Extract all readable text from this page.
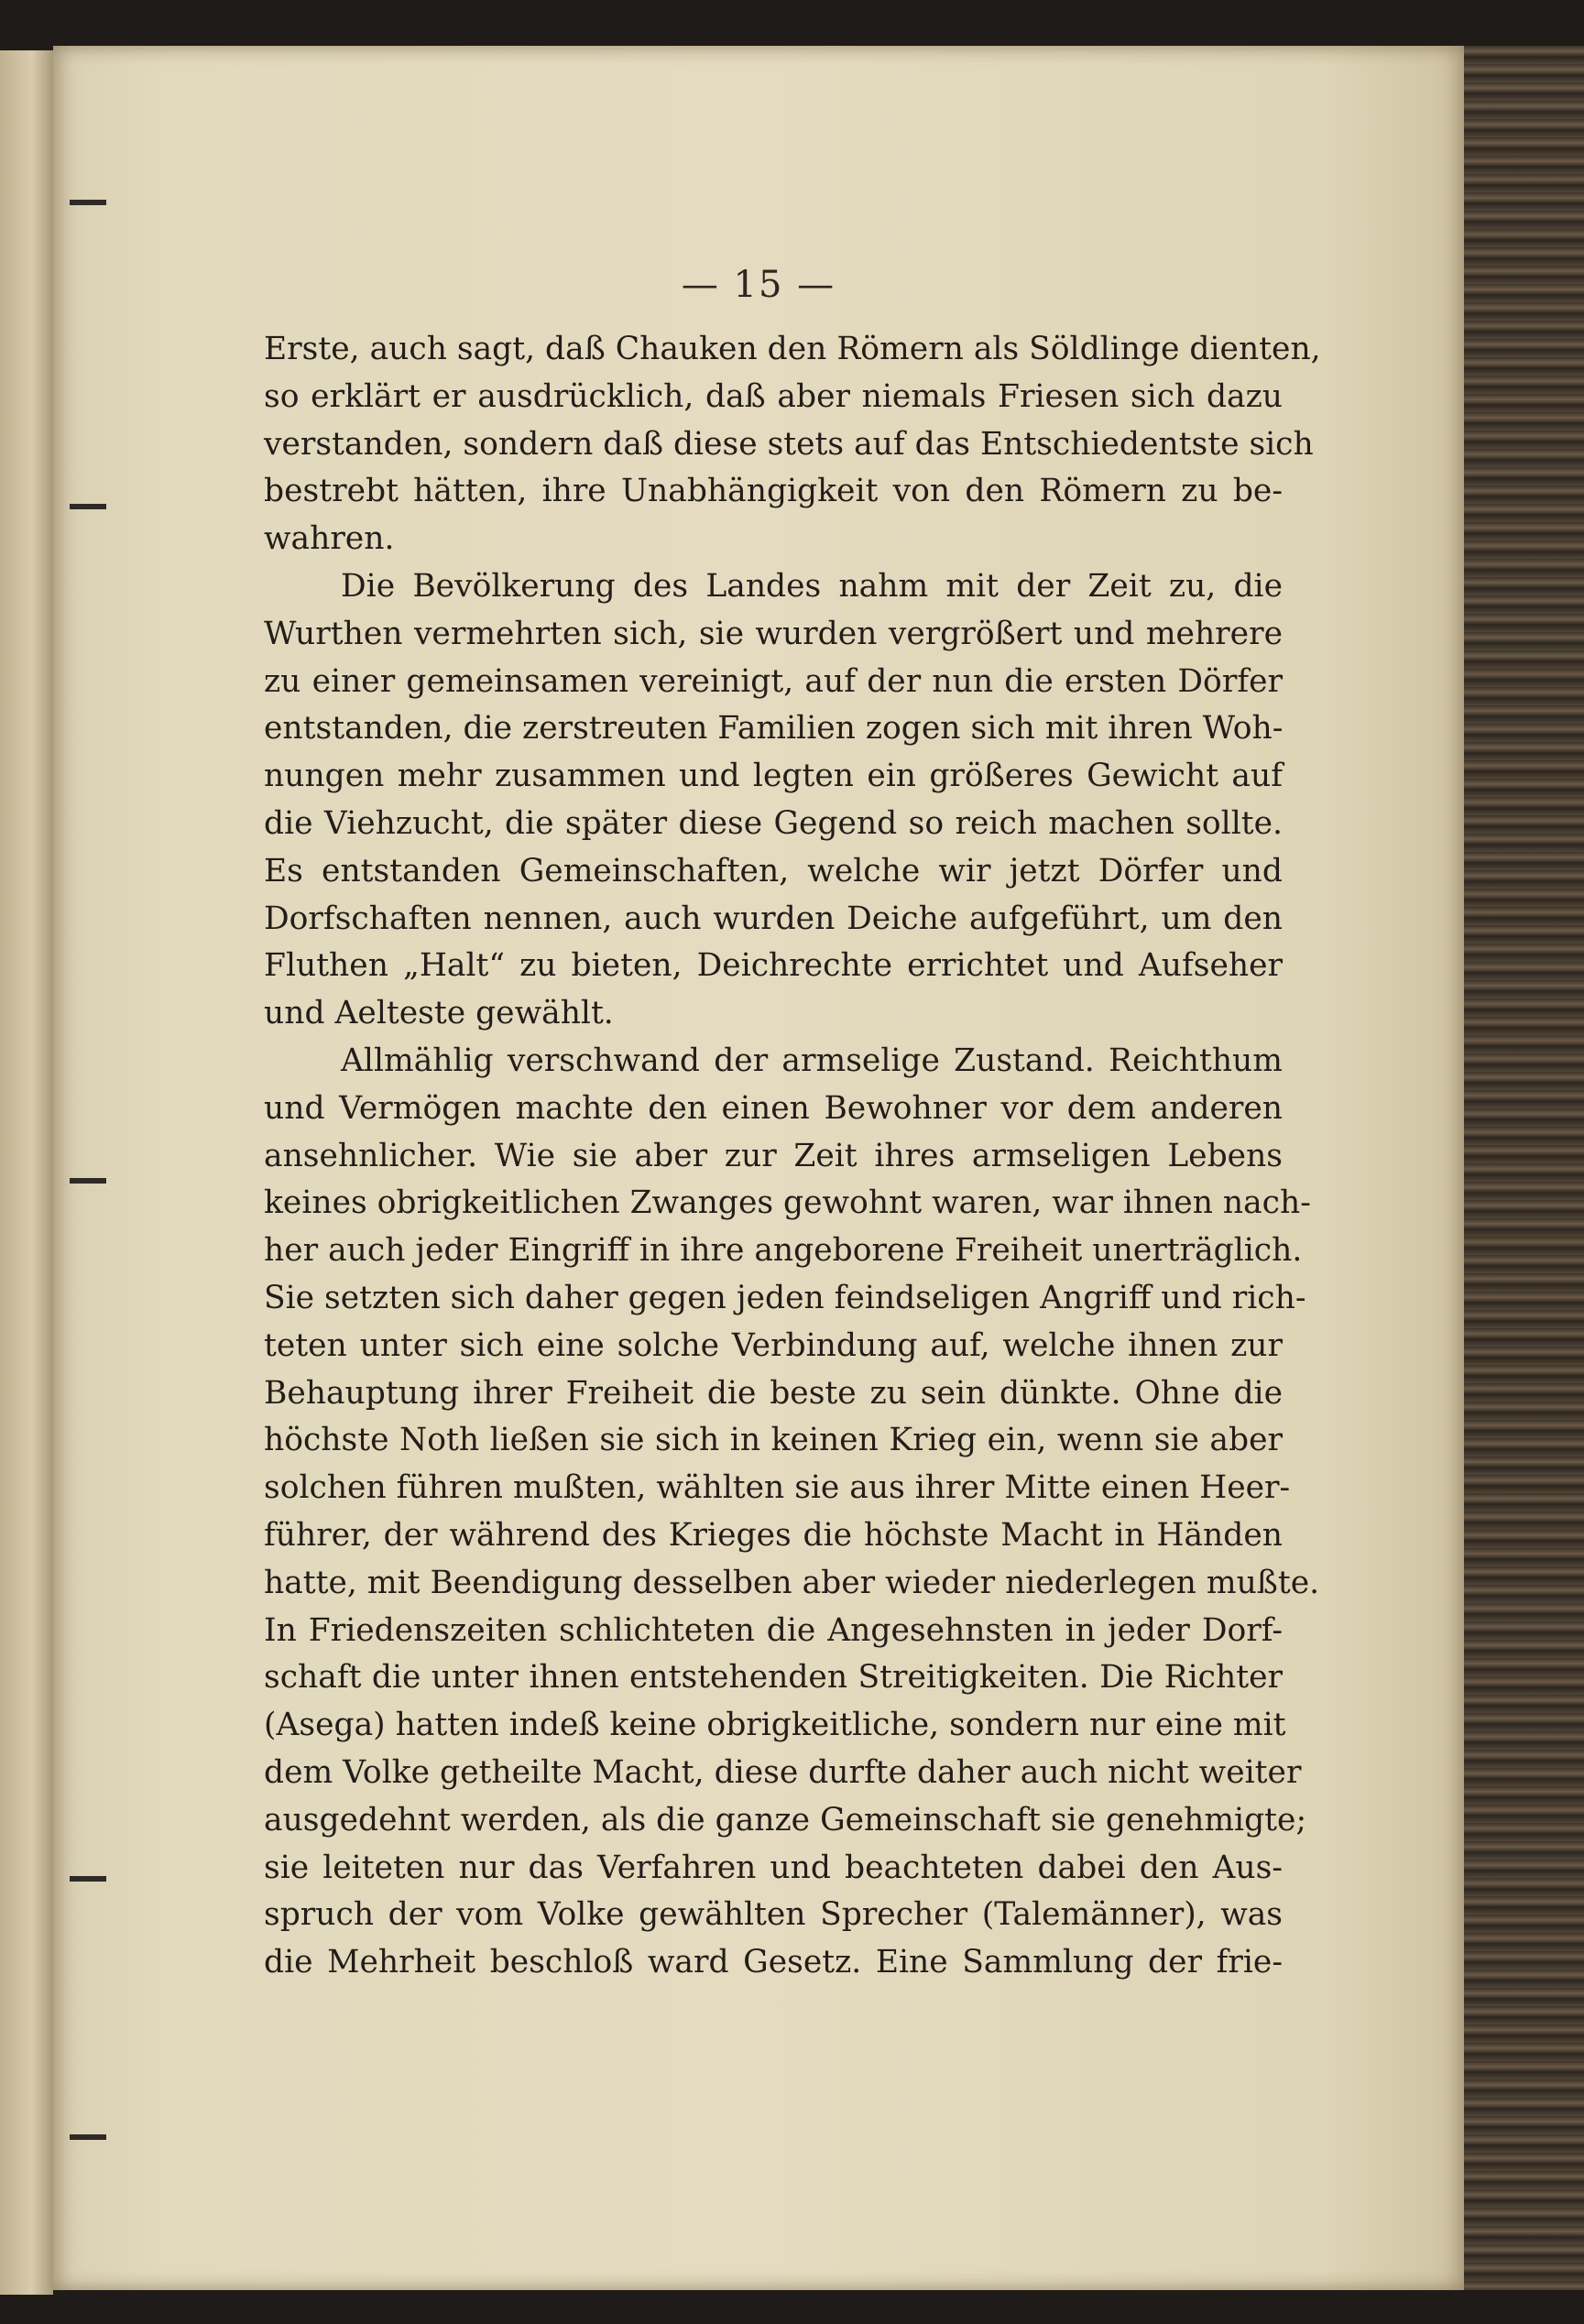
— 15 —
Erste, auch sagt, daß Chauken den Römern als Söldlinge dienten,
so erklärt er ausdrücklich, daß aber niemals Friesen sich dazu
verstanden, sondern daß diese stets auf das Entschiedentste sich
bestrebt hätten, ihre Unabhängigkeit von den Römern zu be-
wahren.
Die Bevölkerung des Landes nahm mit der Zeit zu, die
Wurthen vermehrten sich, sie wurden vergrößert und mehrere
zu einer gemeinsamen vereinigt, auf der nun die ersten Dörfer
entstanden, die zerstreuten Familien zogen sich mit ihren Woh-
nungen mehr zusammen und legten ein größeres Gewicht auf
die Viehzucht, die später diese Gegend so reich machen sollte.
Es entstanden Gemeinschaften, welche wir jetzt Dörfer und
Dorfschaften nennen, auch wurden Deiche aufgeführt, um den
Fluthen „Halt“ zu bieten, Deichrechte errichtet und Aufseher
und Aelteste gewählt.
Allmählig verschwand der armselige Zustand. Reichthum
und Vermögen machte den einen Bewohner vor dem anderen
ansehnlicher. Wie sie aber zur Zeit ihres armseligen Lebens
keines obrigkeitlichen Zwanges gewohnt waren, war ihnen nach-
her auch jeder Eingriff in ihre angeborene Freiheit unerträglich.
Sie setzten sich daher gegen jeden feindseligen Angriff und rich-
teten unter sich eine solche Verbindung auf, welche ihnen zur
Behauptung ihrer Freiheit die beste zu sein dünkte. Ohne die
höchste Noth ließen sie sich in keinen Krieg ein, wenn sie aber
solchen führen mußten, wählten sie aus ihrer Mitte einen Heer-
führer, der während des Krieges die höchste Macht in Händen
hatte, mit Beendigung desselben aber wieder niederlegen mußte.
In Friedenszeiten schlichteten die Angesehnsten in jeder Dorf-
schaft die unter ihnen entstehenden Streitigkeiten. Die Richter
(Asega) hatten indeß keine obrigkeitliche, sondern nur eine mit
dem Volke getheilte Macht, diese durfte daher auch nicht weiter
ausgedehnt werden, als die ganze Gemeinschaft sie genehmigte;
sie leiteten nur das Verfahren und beachteten dabei den Aus-
spruch der vom Volke gewählten Sprecher (Talemänner), was
die Mehrheit beschloß ward Gesetz. Eine Sammlung der frie-
